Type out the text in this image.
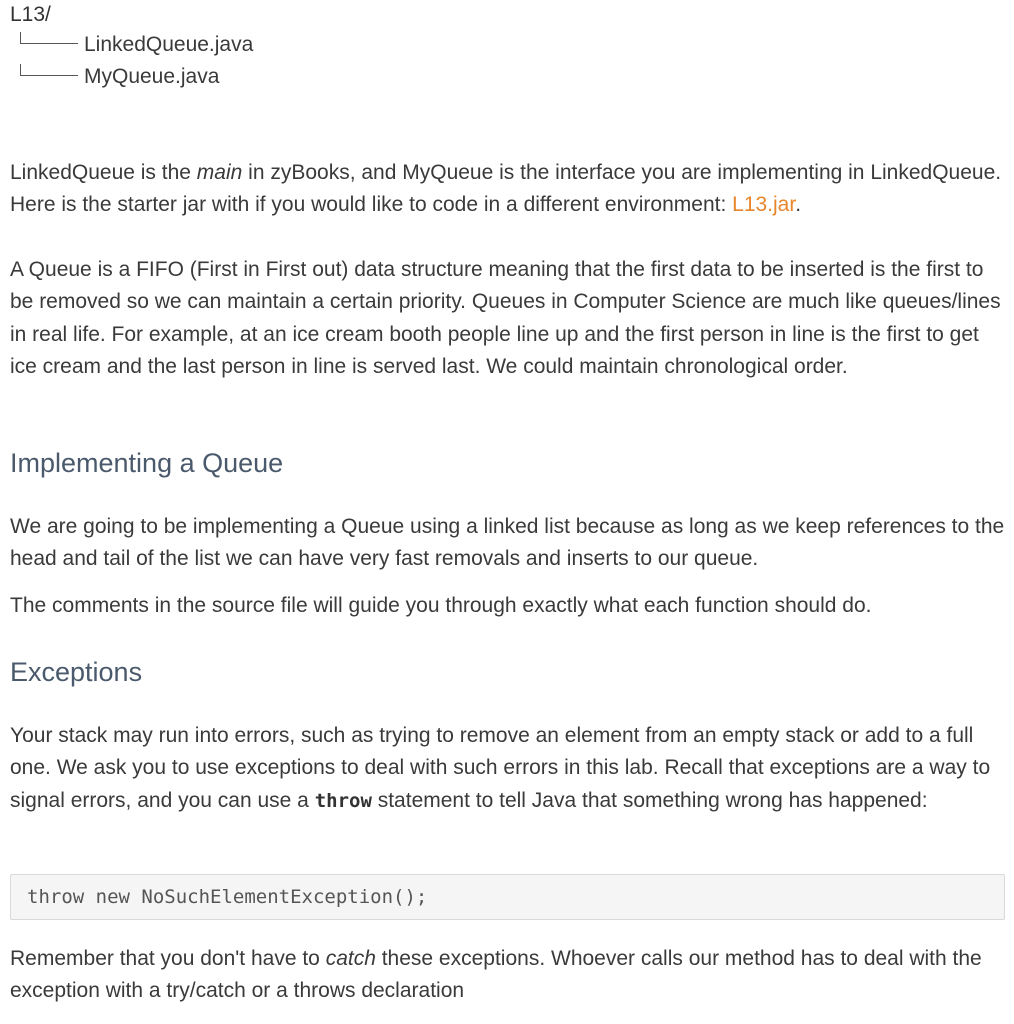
L13/
LinkedQueue.java
MyQueue.java

LinkedQueue is the main in zyBooks, and MyQueue is the interface you are implementing in LinkedQueue. Here is the starter jar with if you would like to code in a different environment: L13.jar.

A Queue is a FIFO (First in First out) data structure meaning that the first data to be inserted is the first to be removed so we can maintain a certain priority. Queues in Computer Science are much like queues/lines in real life. For example, at an ice cream booth people line up and the first person in line is the first to get ice cream and the last person in line is served last. We could maintain chronological order.

Implementing a Queue

We are going to be implementing a Queue using a linked list because as long as we keep references to the head and tail of the list we can have very fast removals and inserts to our queue.

The comments in the source file will guide you through exactly what each function should do.

Exceptions

Your stack may run into errors, such as trying to remove an element from an empty stack or add to a full one. We ask you to use exceptions to deal with such errors in this lab. Recall that exceptions are a way to signal errors, and you can use a throw statement to tell Java that something wrong has happened:

throw new NoSuchElementException();

Remember that you don't have to catch these exceptions. Whoever calls our method has to deal with the exception with a try/catch or a throws declaration
